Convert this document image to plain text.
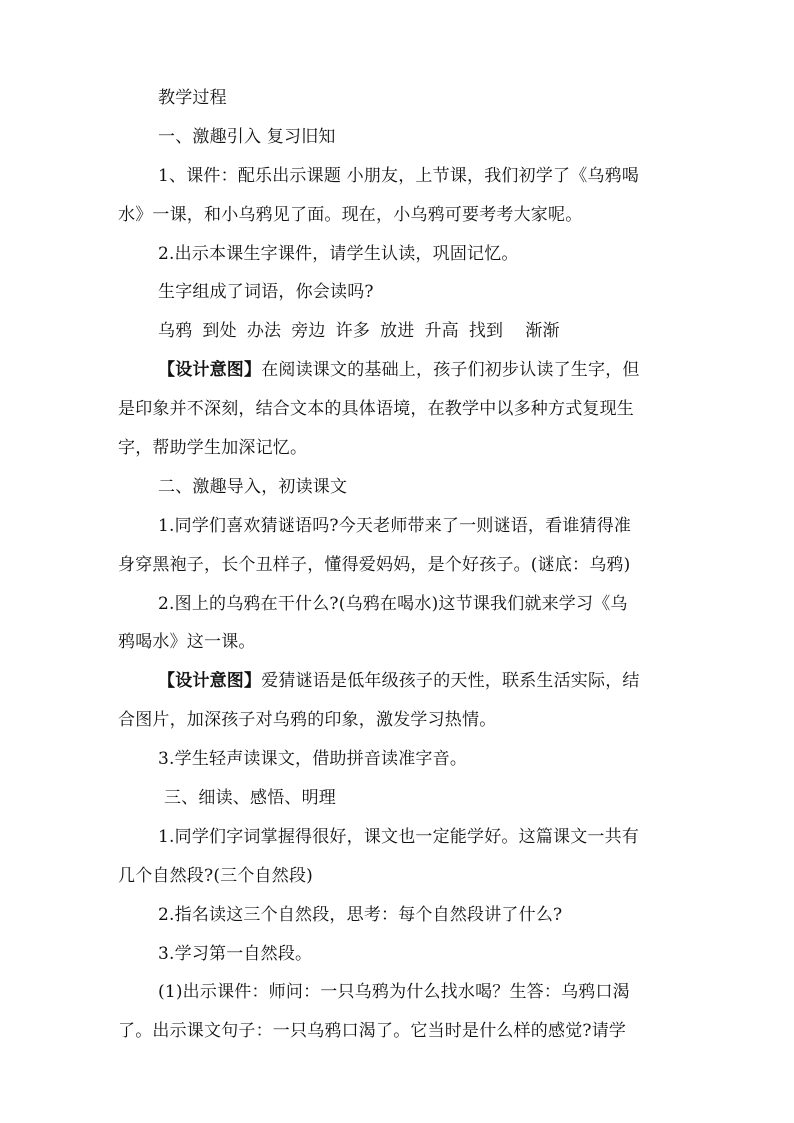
教学过程
一、激趣引入 复习旧知
1、课件：配乐出示课题 小朋友，上节课，我们初学了《乌鸦喝
水》一课，和小乌鸦见了面。现在，小乌鸦可要考考大家呢。
2.出示本课生字课件，请学生认读，巩固记忆。
生字组成了词语，你会读吗?
乌鸦 到处 办法 旁边 许多 放进 升高 找到 渐渐
【设计意图】在阅读课文的基础上，孩子们初步认读了生字，但
是印象并不深刻，结合文本的具体语境，在教学中以多种方式复现生
字，帮助学生加深记忆。
二、激趣导入，初读课文
1.同学们喜欢猜谜语吗?今天老师带来了一则谜语，看谁猜得准
身穿黑袍子，长个丑样子，懂得爱妈妈，是个好孩子。(谜底：乌鸦)
2.图上的乌鸦在干什么?(乌鸦在喝水)这节课我们就来学习《乌
鸦喝水》这一课。
【设计意图】爱猜谜语是低年级孩子的天性，联系生活实际，结
合图片，加深孩子对乌鸦的印象，激发学习热情。
3.学生轻声读课文，借助拼音读准字音。
三、细读、感悟、明理
1.同学们字词掌握得很好，课文也一定能学好。这篇课文一共有
几个自然段?(三个自然段)
2.指名读这三个自然段，思考：每个自然段讲了什么?
3.学习第一自然段。
(1)出示课件：师问：一只乌鸦为什么找水喝？生答：乌鸦口渴
了。出示课文句子：一只乌鸦口渴了。它当时是什么样的感觉?请学
